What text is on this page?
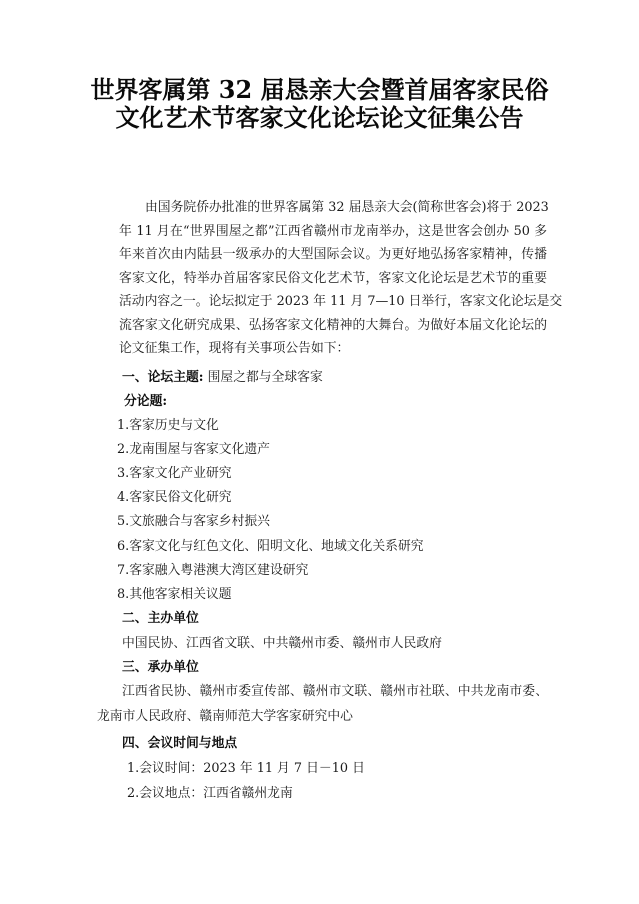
世界客属第 32 届恳亲大会暨首届客家民俗
文化艺术节客家文化论坛论文征集公告
由国务院侨办批准的世界客属第 32 届恳亲大会(简称世客会)将于 2023
年 11 月在“世界围屋之都”江西省赣州市龙南举办，这是世客会创办 50 多
年来首次由内陆县一级承办的大型国际会议。为更好地弘扬客家精神，传播
客家文化，特举办首届客家民俗文化艺术节，客家文化论坛是艺术节的重要
活动内容之一。论坛拟定于 2023 年 11 月 7—10 日举行，客家文化论坛是交
流客家文化研究成果、弘扬客家文化精神的大舞台。为做好本届文化论坛的
论文征集工作，现将有关事项公告如下：
一、论坛主题: 围屋之都与全球客家
分论题:
1.客家历史与文化
2.龙南围屋与客家文化遗产
3.客家文化产业研究
4.客家民俗文化研究
5.文旅融合与客家乡村振兴
6.客家文化与红色文化、阳明文化、地域文化关系研究
7.客家融入粤港澳大湾区建设研究
8.其他客家相关议题
二、主办单位
中国民协、江西省文联、中共赣州市委、赣州市人民政府
三、承办单位
江西省民协、赣州市委宣传部、赣州市文联、赣州市社联、中共龙南市委、
龙南市人民政府、赣南师范大学客家研究中心
四、会议时间与地点
1.会议时间：2023 年 11 月 7 日－10 日
2.会议地点：江西省赣州龙南
